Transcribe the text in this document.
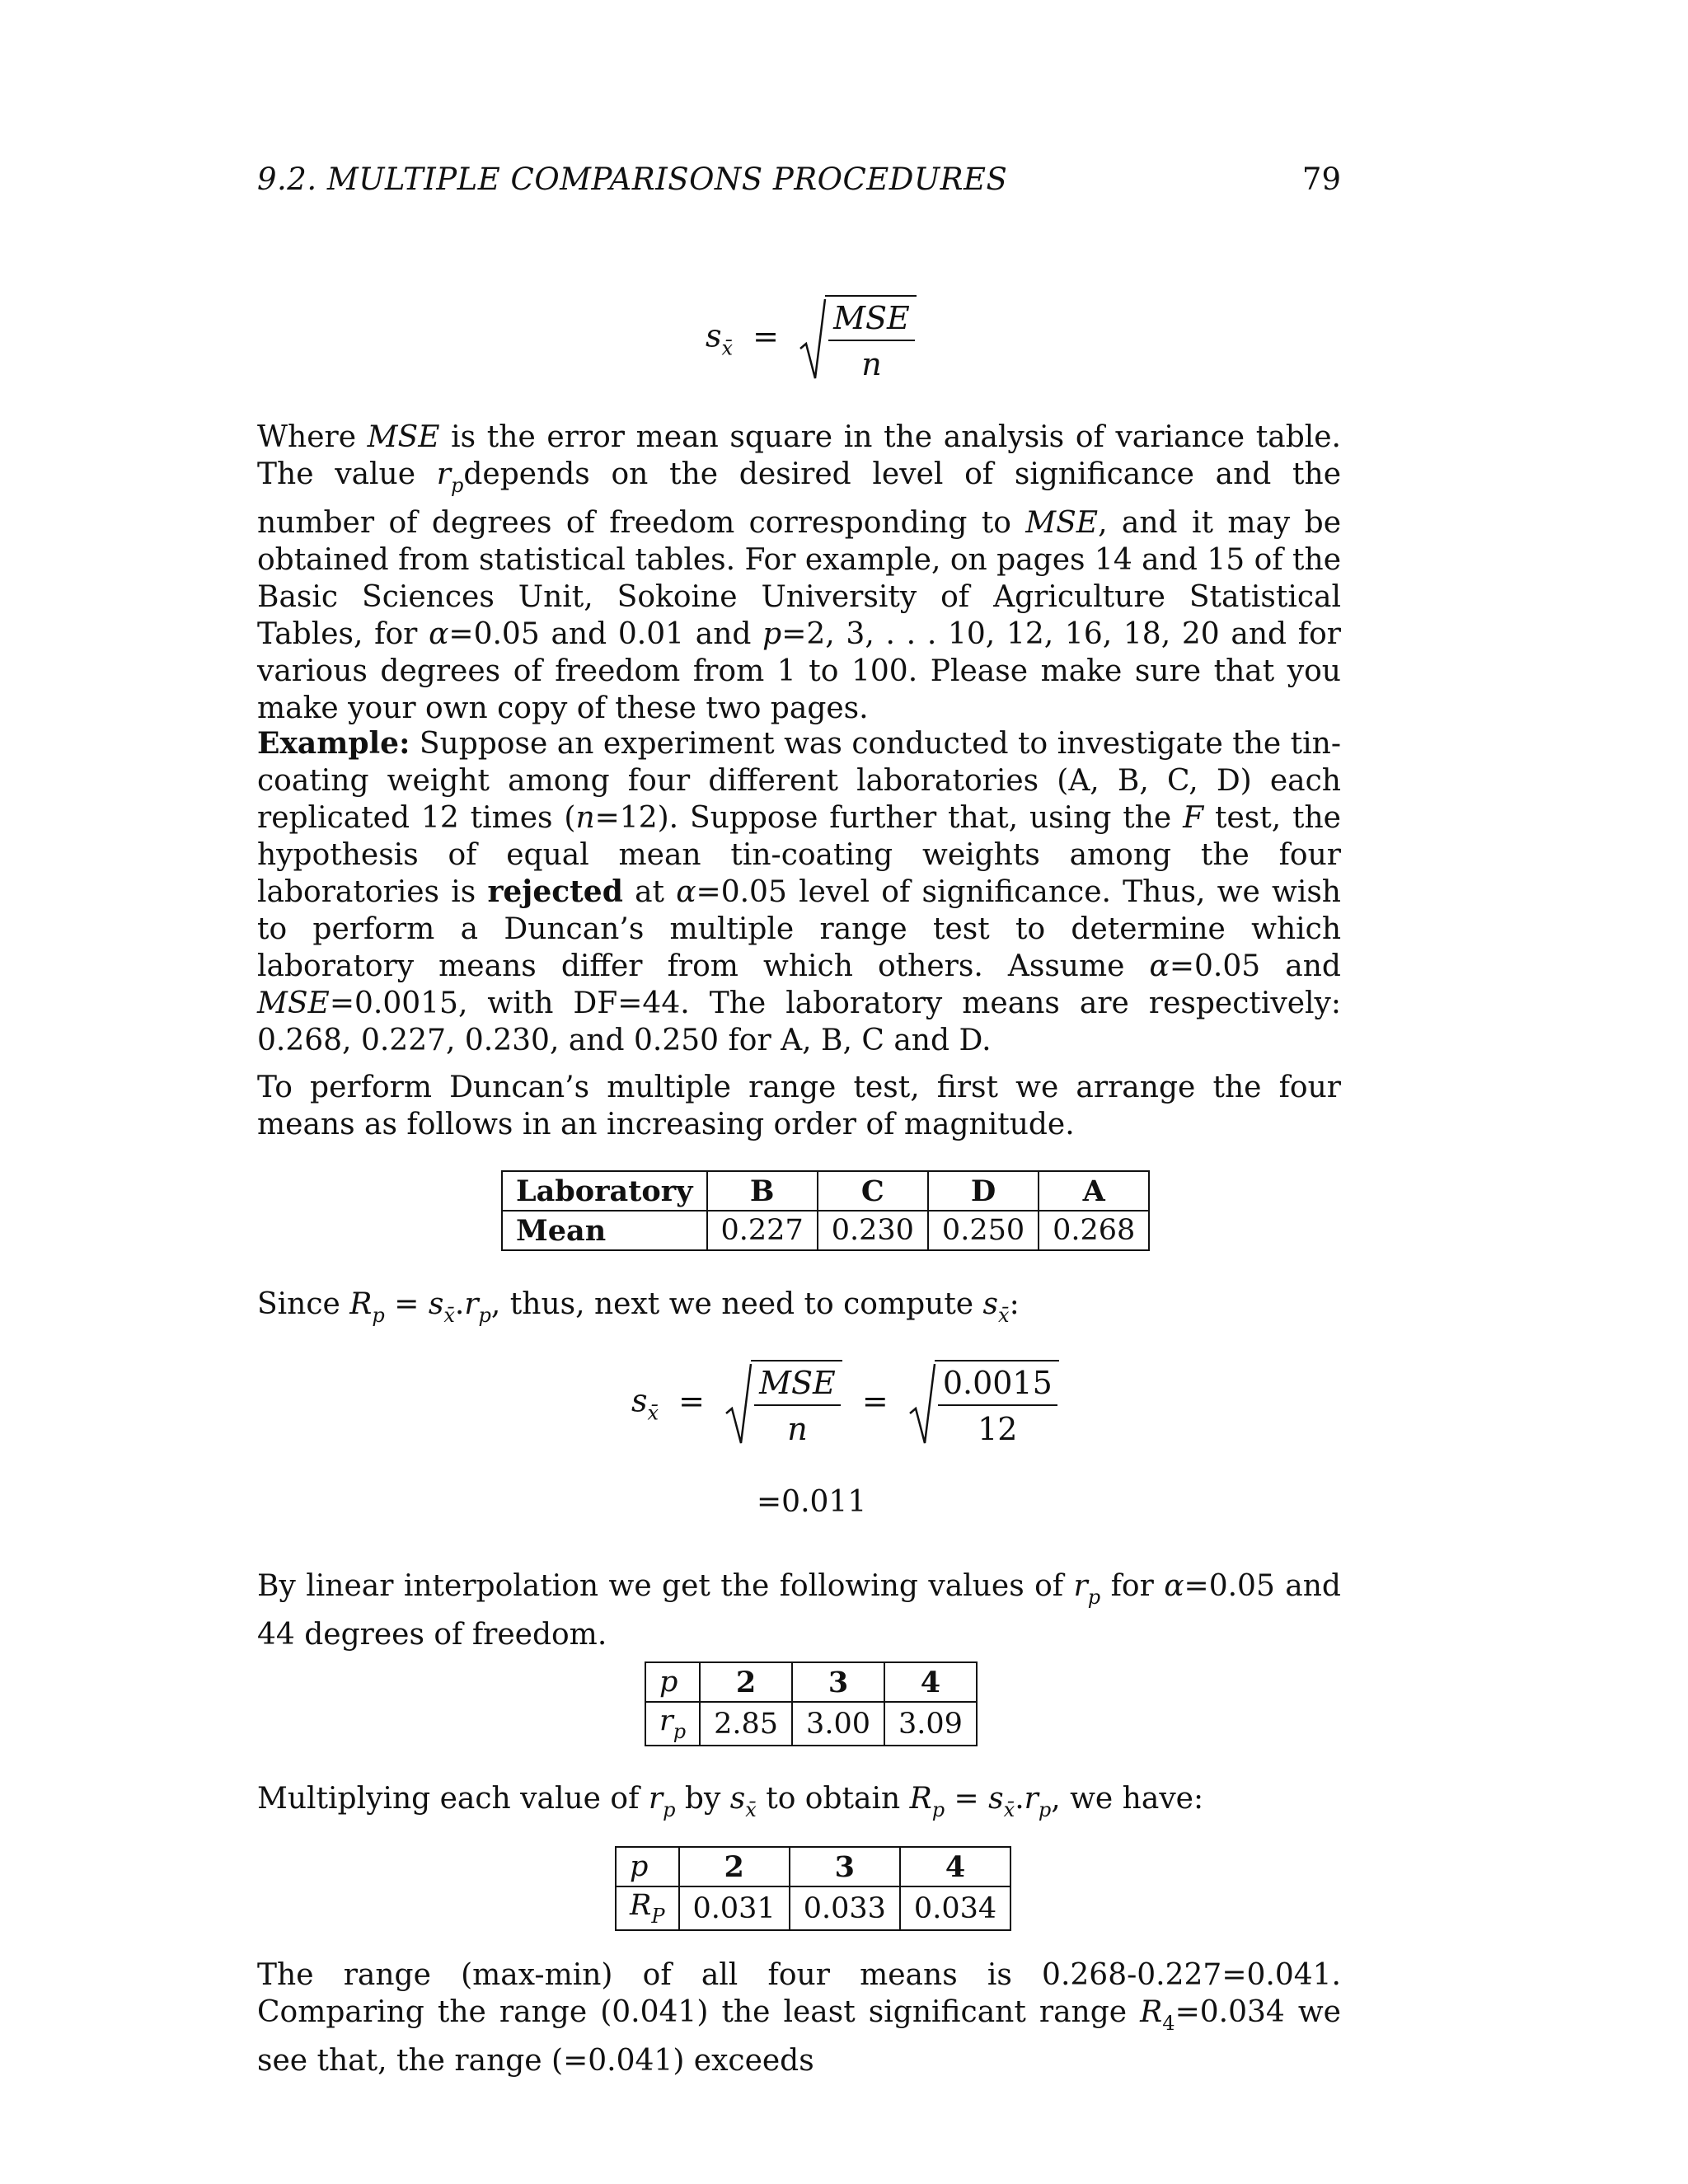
9.2. MULTIPLE COMPARISONS PROCEDURES	79
$s_{x̄} = \frac{\text{MSE}}{n}$
Where MSE is the error mean square in the analysis of variance table. The value $r_pdepends$ on the desired level of significance and the number of degrees of freedom corresponding to MSE, and it may be obtained from statistical tables. For example, on pages 14 and 15 of the Basic Sciences Unit, Sokoine University of Agriculture Statistical Tables, for α=0.05 and 0.01 and p=2, 3, . . . 10, 12, 16, 18, 20 and for various degrees of freedom from 1 to 100. Please make sure that you make your own copy of these two pages.
Example: Suppose an experiment was conducted to investigate the tin-coating weight among four different laboratories (A, B, C, D) each replicated 12 times (n=12). Suppose further that, using the F test, the hypothesis of equal mean tin-coating weights among the four laboratories is rejected at α=0.05 level of significance. Thus, we wish to perform a Duncan’s multiple range test to determine which laboratory means differ from which others. Assume α=0.05 and MSE=0.0015, with DF=44. The laboratory means are respectively: 0.268, 0.227, 0.230, and 0.250 for A, B, C and D.
To perform Duncan’s multiple range test, first we arrange the four means as follows in an increasing order of magnitude.
Laboratory	B	C	D	A
Mean	0.227	0.230	0.250	0.268
Since $R_p = s_{x̄}.r_p$, thus, next we need to compute $s_{x̄}$:
$s_{x̄} = \frac{\text{MSE}}{n} = \frac{0.0015}{12}$
=0.011
By linear interpolation we get the following values of $r_p$ for α=0.05 and 44 degrees of freedom.
p	2	3	4
$r_p$	2.85	3.00	3.09
Multiplying each value of $r_p$ by $s_{x̄}$ to obtain $R_p = s_{x̄}.r_p$, we have:
p	2	3	4
$R_P$	0.031	0.033	0.034
The range (max-min) of all four means is 0.268-0.227=0.041. Comparing the range (0.041) the least significant range $R_4=0.034$ we see that, the range (=0.041) exceeds
